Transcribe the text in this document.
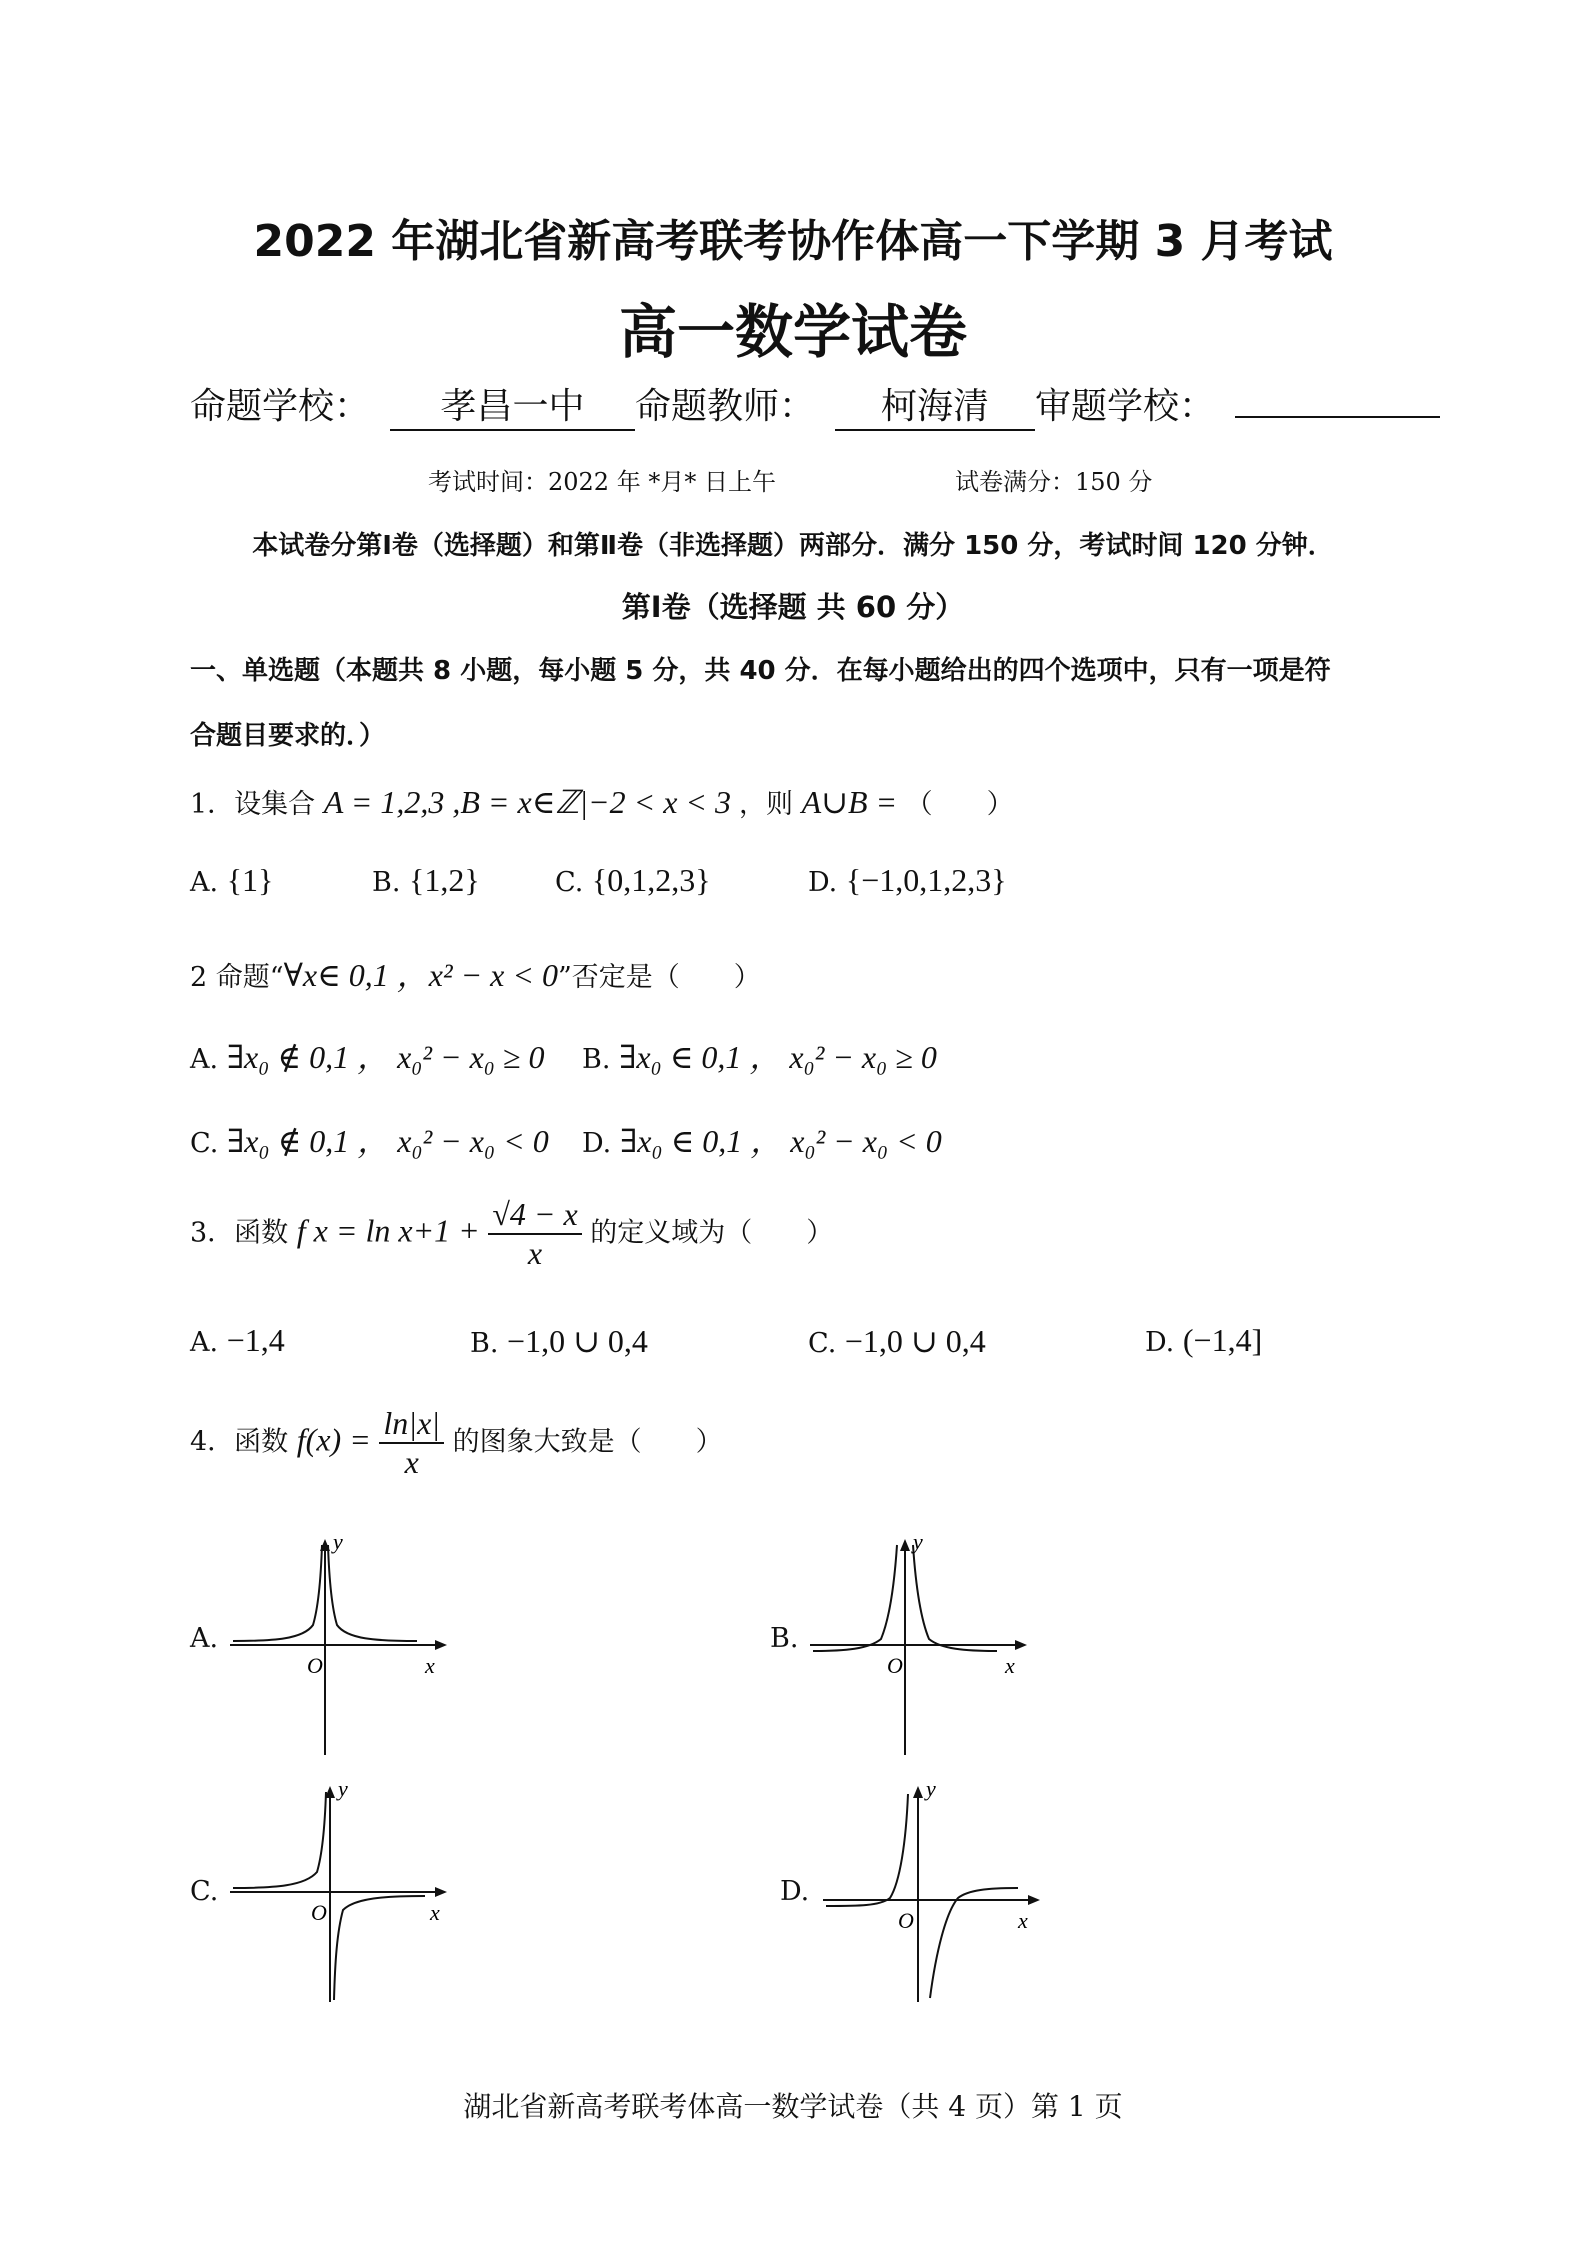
2022 年湖北省新高考联考协作体高一下学期 3 月考试
高一数学试卷
命题学校： 孝昌一中 命题教师： 柯海清 审题学校：
考试时间：2022 年 *月* 日上午	试卷满分：150 分
本试卷分第Ⅰ卷（选择题）和第Ⅱ卷（非选择题）两部分．满分 150 分，考试时间 120 分钟．
第Ⅰ卷（选择题 共 60 分）
一、单选题（本题共 8 小题，每小题 5 分，共 40 分．在每小题给出的四个选项中，只有一项是符
合题目要求的．）
1．设集合 A = 1,2,3 ,B = x∈ℤ|−2 < x < 3 ，则 A∪B = （　　）
A. {1}	B. {1,2}	C. {0,1,2,3}	D. {−1,0,1,2,3}
2 命题“∀x∈ 0,1 ，x² − x < 0”否定是（　　）
A. ∃x₀ ∉ 0,1 ， x₀² − x₀ ≥ 0 B. ∃x₀ ∈ 0,1 ， x₀² − x₀ ≥ 0
C. ∃x₀ ∉ 0,1 ， x₀² − x₀ < 0 D. ∃x₀ ∈ 0,1 ， x₀² − x₀ < 0
3．函数 f $x = \ln x+1 + \frac{√4 - x}{x}$ 的定义域为（　　）
A. −1,4	B. −1,0 ∪ 0,4	C. −1,0 ∪ 0,4	D. (−1,4]
4．函数 $f(x) = \frac{\ln|x|}{x}$ 的图象大致是（　　）
A.	B.
C.	D.
y
x
O
y
x
O
y
x
O
y
x
O
湖北省新高考联考体高一数学试卷（共 4 页）第 1 页
